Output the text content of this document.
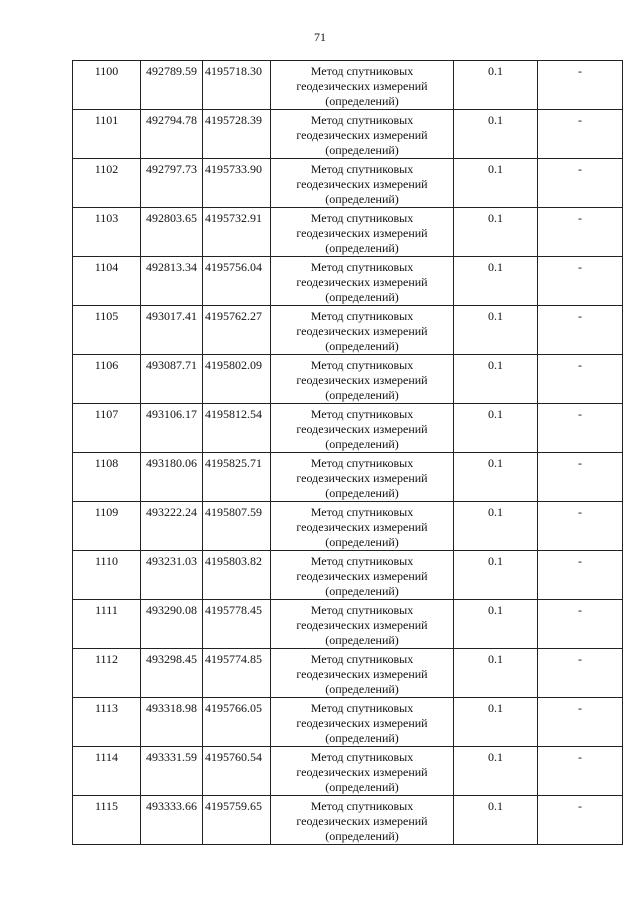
71
1100	492789.59	4195718.30	Метод спутниковых геодезических измерений (определений)	0.1	-
1101	492794.78	4195728.39	Метод спутниковых геодезических измерений (определений)	0.1	-
1102	492797.73	4195733.90	Метод спутниковых геодезических измерений (определений)	0.1	-
1103	492803.65	4195732.91	Метод спутниковых геодезических измерений (определений)	0.1	-
1104	492813.34	4195756.04	Метод спутниковых геодезических измерений (определений)	0.1	-
1105	493017.41	4195762.27	Метод спутниковых геодезических измерений (определений)	0.1	-
1106	493087.71	4195802.09	Метод спутниковых геодезических измерений (определений)	0.1	-
1107	493106.17	4195812.54	Метод спутниковых геодезических измерений (определений)	0.1	-
1108	493180.06	4195825.71	Метод спутниковых геодезических измерений (определений)	0.1	-
1109	493222.24	4195807.59	Метод спутниковых геодезических измерений (определений)	0.1	-
1110	493231.03	4195803.82	Метод спутниковых геодезических измерений (определений)	0.1	-
1111	493290.08	4195778.45	Метод спутниковых геодезических измерений (определений)	0.1	-
1112	493298.45	4195774.85	Метод спутниковых геодезических измерений (определений)	0.1	-
1113	493318.98	4195766.05	Метод спутниковых геодезических измерений (определений)	0.1	-
1114	493331.59	4195760.54	Метод спутниковых геодезических измерений (определений)	0.1	-
1115	493333.66	4195759.65	Метод спутниковых геодезических измерений (определений)	0.1	-
